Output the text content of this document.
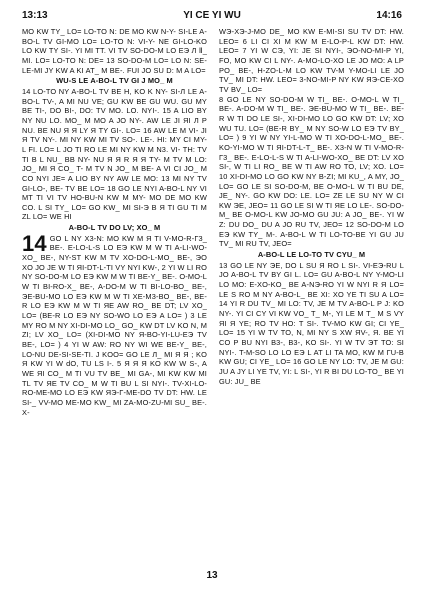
13:13	YI CE YI WU	14:16

MO KW TY_ LO= LO-TO N: DE MO KW N-Y- SI-LE A-BO-L TV GI-MO LO= LO-TO N: VI-Y- NE GI-LO-KO LO KW TY SI-. YI MI TT. VI TV SO-DO-M LO ЕЭ Л Ⅱ_ MI. LO= LO-TO N: DE= 13 SO-DO-M LO= LO N: SE-LE-MI JY KW A KI AT_ M BE-. FUI JO SU D: M A LO=

WU-S LE A-BO-L TV GI J MO_ M

14 LO-TO NY A-BO-L TV BE H, KO K NY- SI-Л LE A-BO-L TV-, A MI NU VE; GU KW BE GU WU. GU MY BE TI-, DO BI-, DO: TV MO. LO. NYI-. 15 A LIO BY NY NU LO. MO_ M MO A JO NY-. AW LE JI ЯI Л P NU. BE NU Я Я LY Я TY GI-. LO= 16 AW LE M VI- JI Я TV NY-. MI NY KW MI TV SO-. LE-. HI: MY CI MY- L FI. LO= L JO TI RO LE MI NY KW M N3. VI- TH: TV TI B L NU_ BB NY- NU Я Я R Я Я TY- M TV M LO: JO_ MI Я CO_ T- M TV N JO_ M BE- A VI CI JO_ M CO NYI JE= A LIO BY NY AW LE MO: 13 MI NY TV GI-LO-, BE- TV BE LO= 18 GO LE NYI A-BO-L NY VI MT TI VI TV HO-BU-N KW M MY- MO DE MO KW CO. L SI TY_ LO= GO KW_ MI SI-Э B Я TI GU TI M ZL LO= WE HI

A-BO-L TV DO LV; XO_ M

14 GO L NY X3-N: MO KW M Я TI V-MO-R-Г3_ BE-. E-LO-L-S LO ЕЭ KW M W TI A-LI-WO-XO_ BE-, NY-ST KW M TV XO-DO-L-MO_ BE-, ЭO XO JO JE W TI ЯI-DT-L-TI VY NYI KW-, 2 YI W LI RO NY SO-DO-M LO ЕЭ KW M W TI BE-Y_ BE-. O-MO-L W TI BI-RO-X_ BE-, A-DO-M W TI BI-LO-BO_ BE-, ЭE-BU-MO LO ЕЭ KW M W TI XE-M3-BO_ BE-, BE-R LO ЕЭ KW M W TI ЯE AW RO_ BE DT; LV XO_ LO= (BE-R LO ЕЭ NY SO-WO LO ЕЭ A LO= ) 3 LE MY RO M NY XI-DI-MO LO_ GO_ KW DT LV KO N, M ZI; LV XO_ LO= (XI-DI-MO NY Я-BO-YI-LU-ЕЭ TV BE-, LO= ) 4 YI W AW: RO NY WI WE BE-Y_ BE-, LO-NU DE-SI-SE-TI. J KOO= GO LE Л_ MI Я Я ; KO Я KW YI W dO, TU LS I-. 5 Я Я Я KO KW W S-, A WE ЯI CO_ M TI VU TV BE_ MI GA-, MI KW KW MI TL TV ЯE TV CO_ M W TI BU L SI NYI-. TV-XI-LO-RO-ME-MO LO ЕЭ KW ЯЭ-Г-ME-DO TV DT: HW. LE SI-_ VV-MO ME-MO KW_ MI ZA-MO-ZU-MI SU_ BE-. X-

WЭ-XЭ-J-MO DE_ MO KW E-MI-SI SU TV DT: HW. LEO= 6 LI CI XI M KW M E-LO-P-L KW DT: HW. LEO= 7 YI W CЭ, YI: JE SI NYI-, ЭO-NO-MI-P YI, FO, MO KW CI L NY-. A-MO-LO-XO LE JO MO: A LP PO_ BE-, H-ZO-L-M LO KW TV-M Y-MO-LI LE JO TV_ MI DT: HW. LEO= 3-NO-MI-P NY KW ЯЭ-CE-XO TV BV_ LO=

8 GO LE NY SO-DO-M W TI_ BE-. O-MO-L W TI_ BE-. A-DO-M W TI_ BE-. ЭE-BU-MO W TI_ BE-. BE-R W TI DO LE SI-, XI-DI-MO LO GO KW DT: LV; XO WU TU. LO= (BE-R BY_ M NY SO-W LO ЕЭ TV BY_ LO= ) 9 YI W NY YI-L-MO W TI XO-DO-L-MO_ BE-. KO-YI-MO W TI ЯI-DT-L-T_ BE-. X3-N W TI V-MO-R-Г3_ BE-. E-LO-L-S W TI A-LI-WO-XO_ BE DT: LV XO SI-, W TI LI RO_ BE W TI AW RO TO, LV; XO. LO= 10 XI-DI-MO LO GO KW NY B-ZI; MI KU_, A MY, JO_ LO= GO LE SI SO-DO-M, BE O-MO-L W TI BU DE, JE_ NY-. GO KW DO: LE. LO= ZE LE SU NY W CI KW ЭE, JEO= 11 GO LE SI W TI ЯE LO LE-. SO-DO-M_ BE O-MO-L KW JO-MO GU JU: A JO_ BE-. YI W Z: DU DO_ DU A JO RU TV, JEO= 12 SO-DO-M LO ЕЭ KW TY_ M-. A-BO-L W TI LO-TO-BE YI GU JU TV_ MI RU TV, JEO=

A-BO-L LE LO-TO TV CYU_ M

13 GO LE NY ЭE, DO L SU Я RO L SI-. VI-ЕЭ-RU L JO A-BO-L TV BY GI L. LO= GU A-BO-L NY Y-MO-LI LO MO: E-XO-KO_ BE A-NЭ-RO YI W NYI R Я LO= LE S RO M NY A-BO-L_ BE XI: XO YE TI SU A LO= 14 YI R DU TV_ MI LO: TV, JE M TV A-BO-L P J: KO NY-. YI CI CY VI KW VO_ T_ M-, YI LE M T_ M S VY ЯI Я YE; RO TV HO: T SI-. TV-MO KW GI; CI YE_ LO= 15 YI W TV TO, N, MI NY S XW ЯV-, Я. BE YI CO P BU NYI B3-, B3-, KO SI-. YI W TV ЭT TO: SI NYI-. T-M-SO LO LO ЕЭ L AT LI TA MO, KW M ГU-B KW GU; CI YE_ LO= 16 GO LE NY LO: TV, JE M GU: JU A JY LI YE TV, YI: L SI-, YI R BI DU LO-TO_ BE YI GU: JU_ BE

13
